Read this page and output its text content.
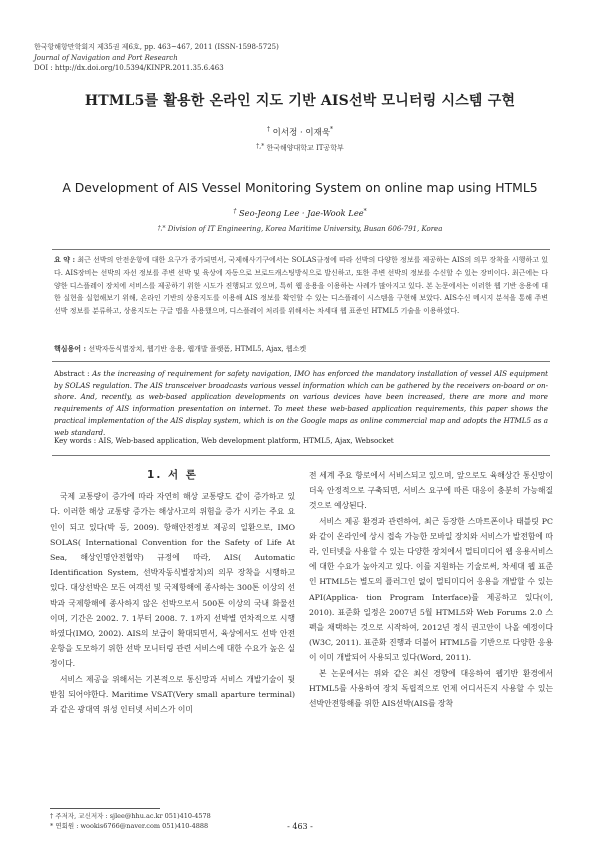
한국항해항만학회지 제35권 제6호, pp. 463~467, 2011 (ISSN-1598-5725)
Journal of Navigation and Port Research
DOI : http://dx.doi.org/10.5394/KINPR.2011.35.6.463
HTML5를 활용한 온라인 지도 기반 AIS선박 모니터링 시스템 구현
† 이서정 · 이재욱*
†,* 한국해양대학교 IT공학부
A Development of AIS Vessel Monitoring System on online map using HTML5
† Seo-Jeong Lee · Jae-Wook Lee*
†,* Division of IT Engineering, Korea Maritime University, Busan 606-791, Korea
요 약 : 최근 선박의 안전운항에 대한 요구가 증가되면서, 국제해사기구에서는 SOLAS규정에 따라 선박의 다양한 정보를 제공하는 AIS의 의무 장착을 시행하고 있다. AIS장비는 선박의 자선 정보를 주변 선박 및 육상에 자동으로 브로드캐스팅방식으로 발신하고, 또한 주변 선박의 정보를 수신할 수 있는 장비이다. 최근에는 다양한 디스플레이 장치에 서비스를 제공하기 위한 시도가 진행되고 있으며, 특히 웹 응용을 이용하는 사례가 많아지고 있다. 본 논문에서는 이러한 웹 기반 응용에 대한 실현을 실험해보기 위해, 온라인 기반의 상용지도를 이용해 AIS 정보를 확인할 수 있는 디스플레이 시스템을 구현해 보았다. AIS수신 메시지 분석을 통해 주변 선박 정보를 분류하고, 상용지도는 구글 맵을 사용했으며, 디스플레이 처리를 위해서는 차세대 웹 표준인 HTML5 기술을 이용하였다.
핵심용어 : 선박자동식별장치, 웹기반 응용, 웹개발 플랫폼, HTML5, Ajax, 웹소켓
Abstract : As the increasing of requirement for safety navigation, IMO has enforced the mandatory installation of vessel AIS equipment by SOLAS regulation. The AIS transceiver broadcasts various vessel information which can be gathered by the receivers on-board or on-shore. And, recently, as web-based application developments on various devices have been increased, there are more and more requirements of AIS information presentation on internet. To meet these web-based application requirements, this paper shows the practical implementation of the AIS display system, which is on the Google maps as online commercial map and adopts the HTML5 as a web standard.
Key words : AIS, Web-based application, Web development platform, HTML5, Ajax, Websocket
1. 서 론

국제 교통량이 증가에 따라 자연히 해상 교통량도 같이 증가하고 있다. 이러한 해상 교통량 증가는 해상사고의 위험을 증가 시키는 주요 요인이 되고 있다(박 등, 2009). 항해안전정보 제공의 일환으로, IMO SOLAS( International Convention for the Safety of Life At Sea, 해상인명안전협약) 규정에 따라, AIS( Automatic Identification System, 선박자동식별장치)의 의무 장착을 시행하고 있다. 대상선박은 모든 여객선 및 국제항해에 종사하는 300톤 이상의 선박과 국제항해에 종사하지 않은 선박으로서 500톤 이상의 국내 화물선이며, 기간은 2002. 7. 1부터 2008. 7. 1까지 선박별 연차적으로 시행하였다(IMO, 2002). AIS의 보급이 확대되면서, 육상에서도 선박 안전운항을 도모하기 위한 선박 모니터링 관련 서비스에 대한 수요가 높은 실정이다.

서비스 제공을 위해서는 기본적으로 통신망과 서비스 개발기술이 뒷받침 되어야한다. Maritime VSAT(Very small aparture terminal)과 같은 광대역 위성 인터넷 서비스가 이미

전 세계 주요 항로에서 서비스되고 있으며, 앞으로도 육해상간 통신망이 더욱 안정적으로 구축되면, 서비스 요구에 따른 대응이 충분히 가능해질 것으로 예상된다.

서비스 제공 환경과 관련하여, 최근 등장한 스마트폰이나 태블릿 PC와 같이 온라인에 상시 접속 가능한 모바일 장치와 서비스가 발전함에 따라, 인터넷을 사용할 수 있는 다양한 장치에서 멀티미디어 웹 응용서비스에 대한 수요가 높아지고 있다. 이를 지원하는 기술로써, 차세대 웹 표준인 HTML5는 별도의 플러그인 없이 멀티미디어 응용을 개발할 수 있는 API(Applica- tion Program Interface)를 제공하고 있다(이, 2010). 표준화 일정은 2007년 5월 HTML5와 Web Forums 2.0 스펙을 채택하는 것으로 시작하여, 2012년 정식 권고안이 나올 예정이다(W3C, 2011). 표준화 진행과 더불어 HTML5를 기반으로 다양한 응용이 이미 개발되어 사용되고 있다(Word, 2011).

본 논문에서는 위와 같은 최신 경향에 대응하여 웹기반 환경에서 HTML5를 사용하여 장치 독립적으로 언제 어디서든지 사용할 수 있는 선박안전항해를 위한 AIS선박(AIS를 장착

† 주저자, 교신저자 : sjlee@hhu.ac.kr 051)410-4578
* 연회원 : wookis6766@naver.com 051)410-4888	- 463 -
